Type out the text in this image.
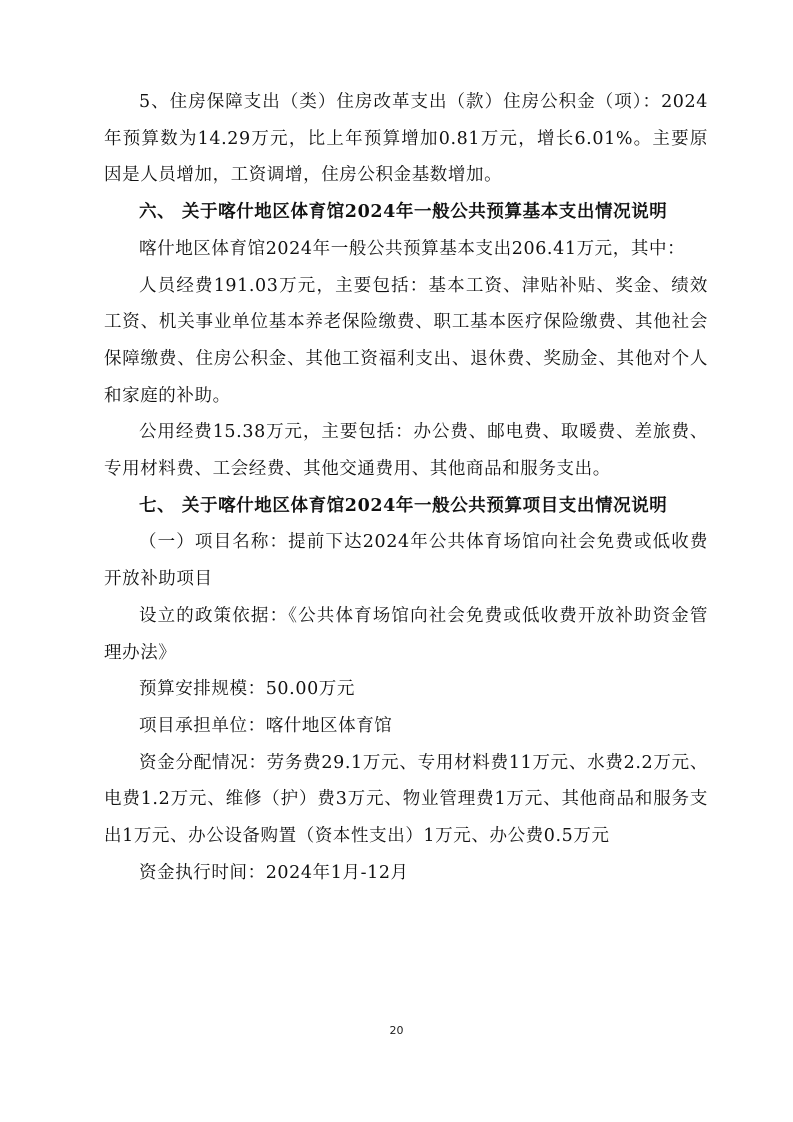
5、住房保障支出（类）住房改革支出（款）住房公积金（项）：2024年预算数为14.29万元，比上年预算增加0.81万元，增长6.01%。主要原因是人员增加，工资调增，住房公积金基数增加。

六、 关于喀什地区体育馆2024年一般公共预算基本支出情况说明

喀什地区体育馆2024年一般公共预算基本支出206.41万元，其中：

人员经费191.03万元，主要包括：基本工资、津贴补贴、奖金、绩效工资、机关事业单位基本养老保险缴费、职工基本医疗保险缴费、其他社会保障缴费、住房公积金、其他工资福利支出、退休费、奖励金、其他对个人和家庭的补助。

公用经费15.38万元，主要包括：办公费、邮电费、取暖费、差旅费、专用材料费、工会经费、其他交通费用、其他商品和服务支出。

七、 关于喀什地区体育馆2024年一般公共预算项目支出情况说明

（一）项目名称：提前下达2024年公共体育场馆向社会免费或低收费开放补助项目

设立的政策依据：《公共体育场馆向社会免费或低收费开放补助资金管理办法》

预算安排规模：50.00万元

项目承担单位：喀什地区体育馆

资金分配情况：劳务费29.1万元、专用材料费11万元、水费2.2万元、电费1.2万元、维修（护）费3万元、物业管理费1万元、其他商品和服务支出1万元、办公设备购置（资本性支出）1万元、办公费0.5万元

资金执行时间：2024年1月-12月

20
